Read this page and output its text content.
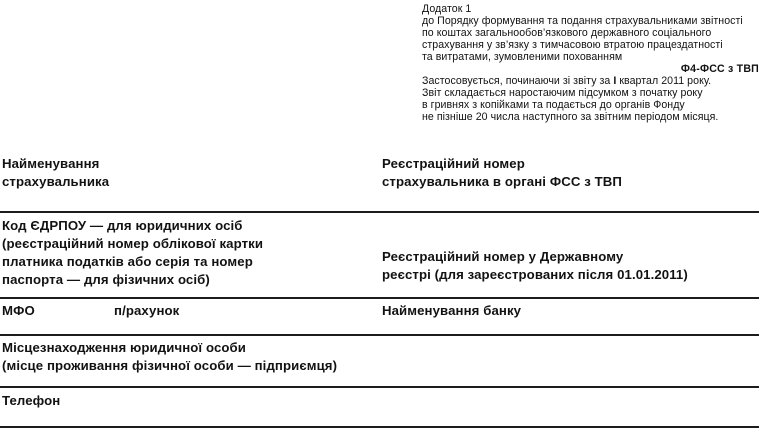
Додаток 1
до Порядку формування та подання страхувальниками звітності
по коштах загальнообов’язкового державного соціального
страхування у зв’язку з тимчасовою втратою працездатності
та витратами, зумовленими похованням
Ф4-ФСС з ТВП
Застосовується, починаючи зі звіту за І квартал 2011 року.
Звіт складається наростаючим підсумком з початку року
в гривнях з копійками та подається до органів Фонду
не пізніше 20 числа наступного за звітним періодом місяця.
Найменування
страхувальника
Реєстраційний номер
страхувальника в органі ФСС з ТВП
Код ЄДРПОУ — для юридичних осіб
(реєстраційний номер облікової картки
платника податків або серія та номер
паспорта — для фізичних осіб)
Реєстраційний номер у Державному
реєстрі (для зареєстрованих після 01.01.2011)
МФО	п/рахунок	Найменування банку
Місцезнаходження юридичної особи
(місце проживання фізичної особи — підприємця)
Телефон
